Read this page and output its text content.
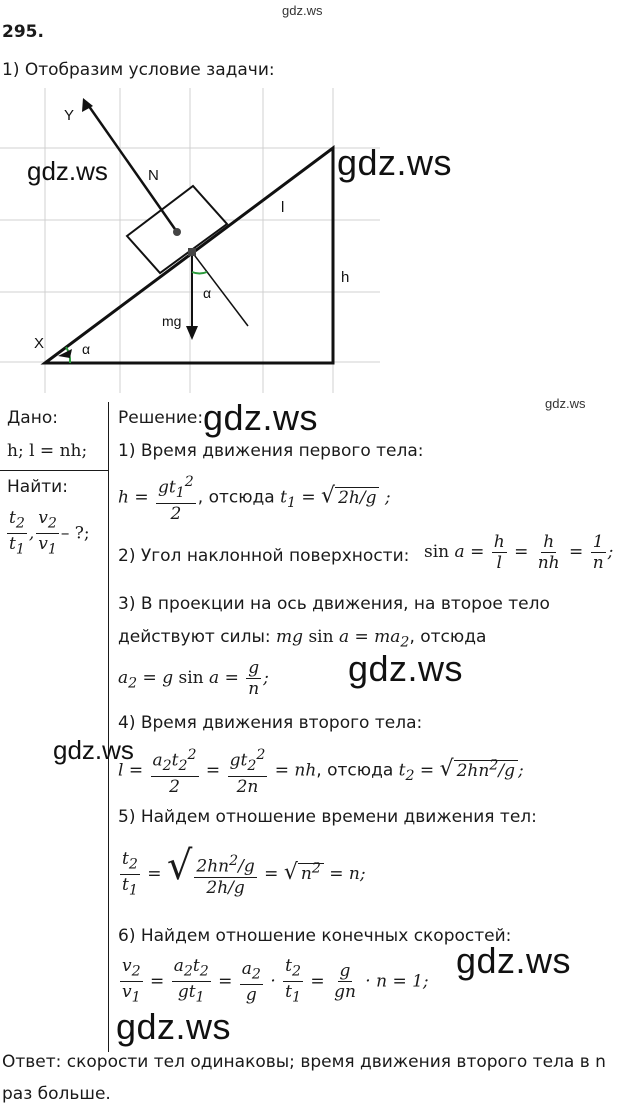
gdz.ws
295.
1) Отобразим условие задачи:
Y
N
l
h
α
mg
X	α
gdz.ws	gdz.ws
Дано:
h; l = nh;
Найти:
$\frac{t_2}{t_1}$ , $\frac{v_2}{v_1}$ – ?;
Решение: gdz.ws	gdz.ws
1) Время движения первого тела:
$h = \frac{gt_1^2}{2}$ , отсюда $t_1$ = √ 2h/g ;
2) Угол наклонной поверхности: $\sin a = \frac{h}{l} = \frac{h}{nh} = \frac{1}{n}$ ;
3) В проекции на ось движения, на второе тело
действуют силы: mg $\sin a = ma_2$, отсюда
$a_2 = g$ $\sin a = \frac{g}{n}$ ; gdz.ws
4) Время движения второго тела:
gdz.ws
$l = \frac{a_2t_2^2}{2} = \frac{gt_2^2}{2n}$ = nh, отсюда $t_2$ = √ $2hn^2/g$ ;
5) Найдем отношение времени движения тел:
$\frac{t_2}{t_1}$ = √ $\frac{2hn^2/g}{2h/g}$ = √ $n^2 = n$;
6) Найдем отношение конечных скоростей:
$\frac{v_2}{v_1} = \frac{a_2t_2}{gt_1} = \frac{a_2}{g} \cdot \frac{t_2}{t_1} = \frac{g}{gn} \cdot n = 1$;
gdz.ws
gdz.ws
Ответ: скорости тел одинаковы; время движения второго тела в n
раз больше.
